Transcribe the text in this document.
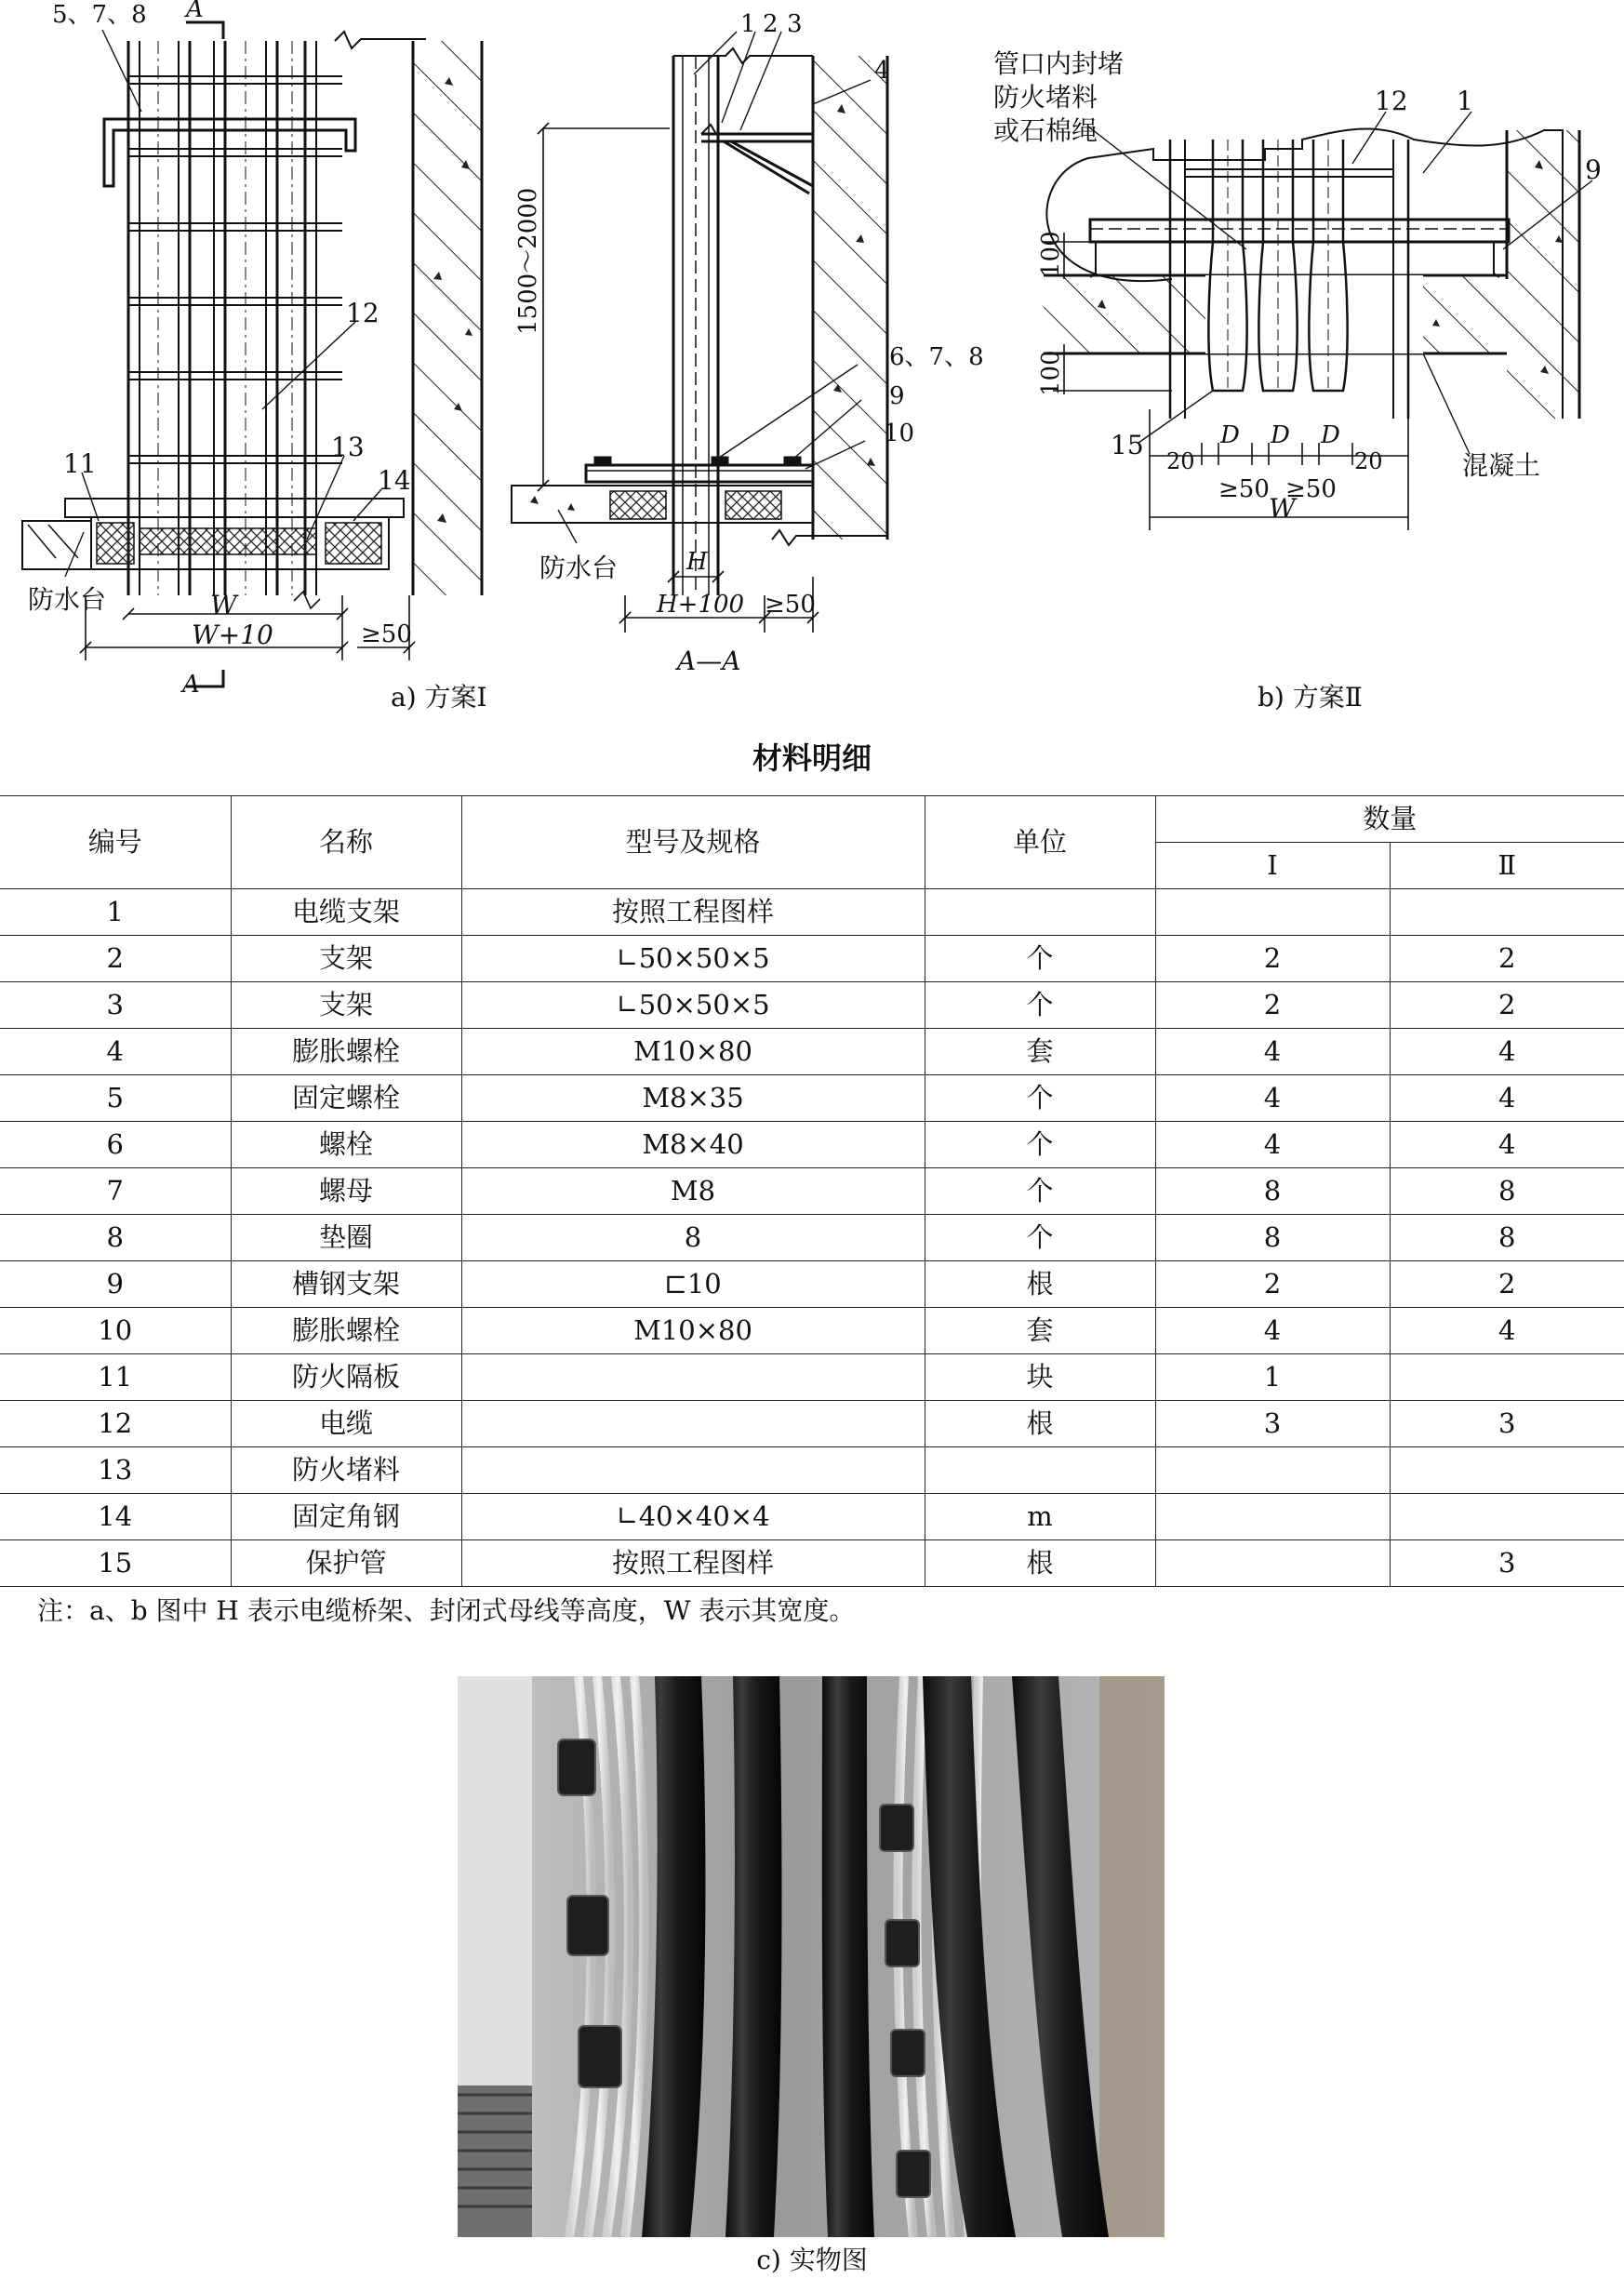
5、7、8 A
12
11
13
14
防水台	W
W+10	≥50
A	a) 方案Ⅰ
1 2 3
4
6、7、8
9
10
1500～2000
防水台	H
H+100 ≥50
A—A
管口内封堵
防火堵料
或石棉绳
12 1
9
100
100
15	D D D
20	20
≥50 ≥50
W
混凝土
b) 方案Ⅱ
材料明细
编号	名称	型号及规格	单位	数量	
				Ⅰ	Ⅱ
1	电缆支架	按照工程图样			
2	支架	∟50×50×5	个	2	2
3	支架	∟50×50×5	个	2	2
4	膨胀螺栓	M10×80	套	4	4
5	固定螺栓	M8×35	个	4	4
6	螺栓	M8×40	个	4	4
7	螺母	M8	个	8	8
8	垫圈	8	个	8	8
9	槽钢支架	⊏10	根	2	2
10	膨胀螺栓	M10×80	套	4	4
11	防火隔板		块	1	
12	电缆		根	3	3
13	防火堵料				
14	固定角钢	∟40×40×4	m		
15	保护管	按照工程图样	根		3
注：a、b 图中 H 表示电缆桥架、封闭式母线等高度，W 表示其宽度。
c) 实物图
